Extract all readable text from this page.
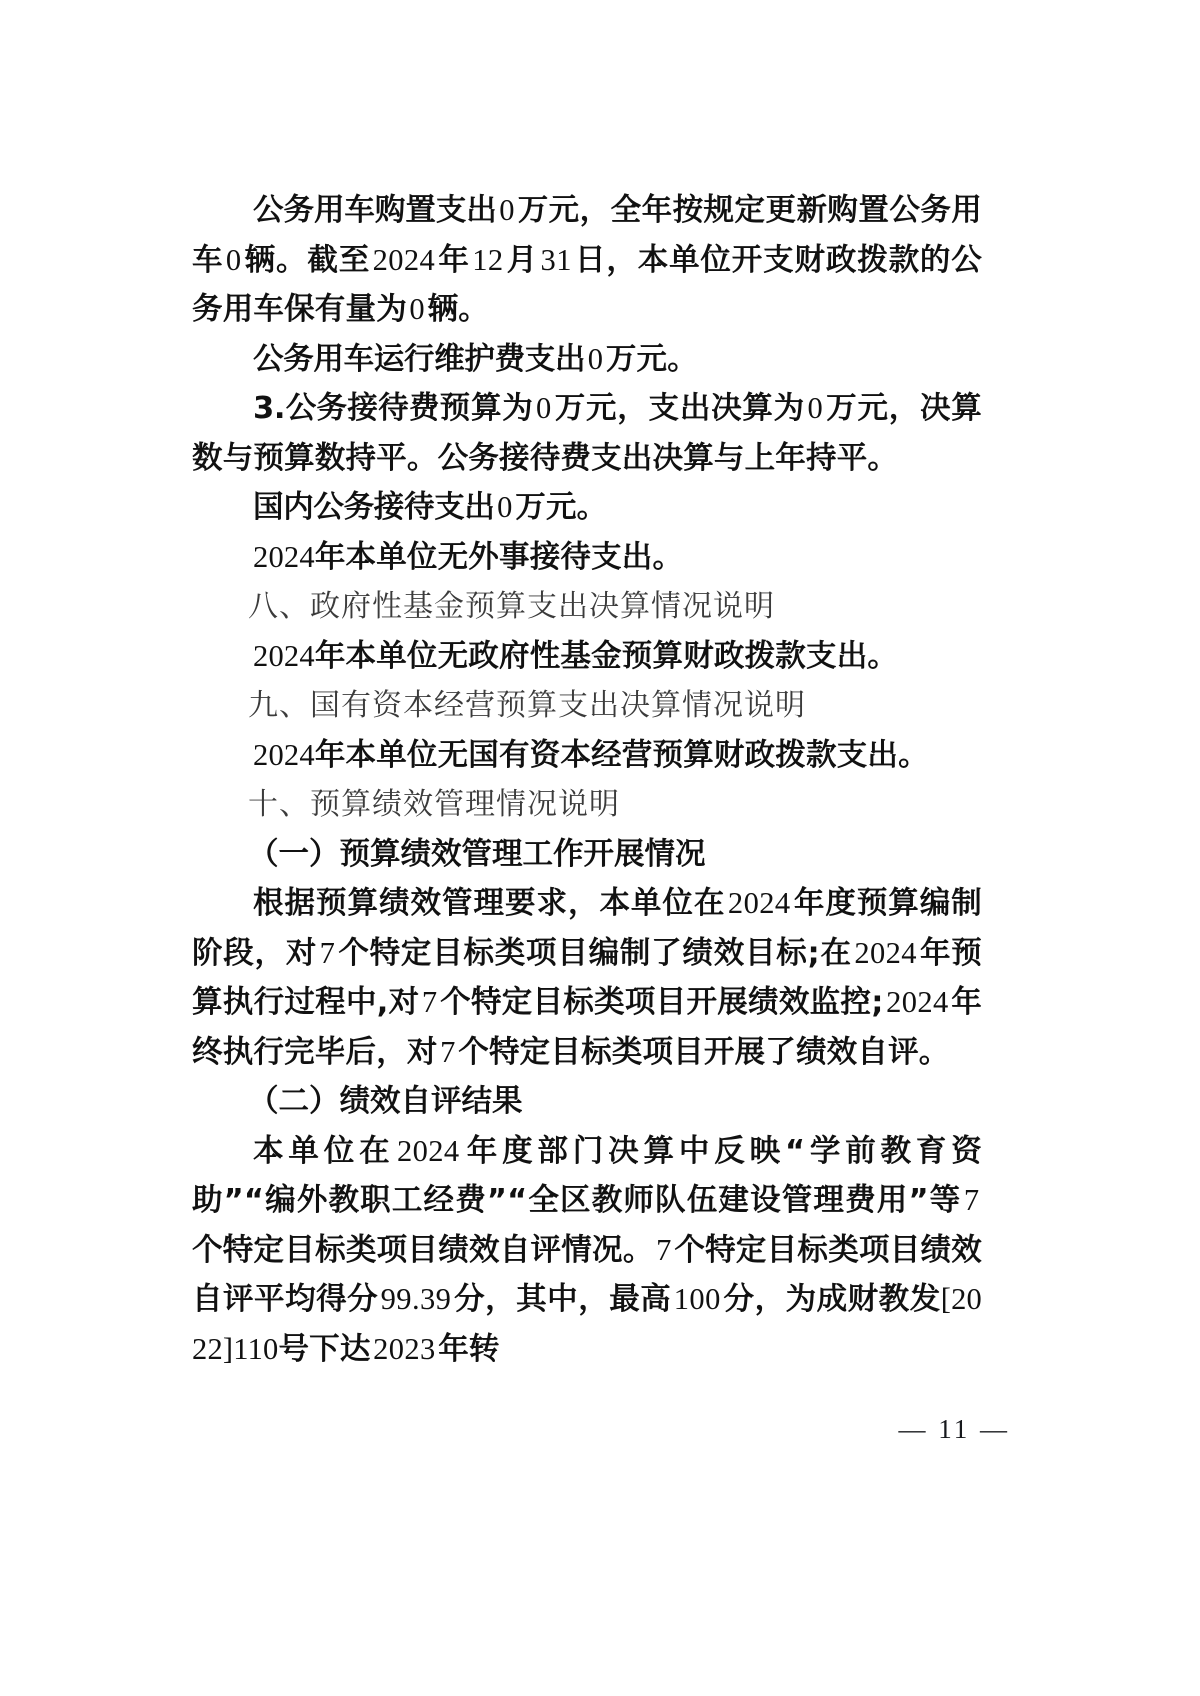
公务用车购置支出0万元，全年按规定更新购置公务用车0辆。截至2024年12月31日，本单位开支财政拨款的公务用车保有量为0辆。

公务用车运行维护费支出0万元。

3.公务接待费预算为0万元，支出决算为0万元，决算数与预算数持平。公务接待费支出决算与上年持平。

国内公务接待支出0万元。

2024年本单位无外事接待支出。

八、政府性基金预算支出决算情况说明

2024年本单位无政府性基金预算财政拨款支出。

九、国有资本经营预算支出决算情况说明

2024年本单位无国有资本经营预算财政拨款支出。

十、预算绩效管理情况说明

（一）预算绩效管理工作开展情况

根据预算绩效管理要求，本单位在2024年度预算编制阶段，对7个特定目标类项目编制了绩效目标;在2024年预算执行过程中,对7个特定目标类项目开展绩效监控;2024年终执行完毕后，对7个特定目标类项目开展了绩效自评。

（二）绩效自评结果

本单位在2024年度部门决算中反映“学前教育资助”“编外教职工经费”“全区教师队伍建设管理费用”等7个特定目标类项目绩效自评情况。7个特定目标类项目绩效自评平均得分99.39分，其中，最高100分，为成财教发[2022]110号下达2023年转

— 11 —
